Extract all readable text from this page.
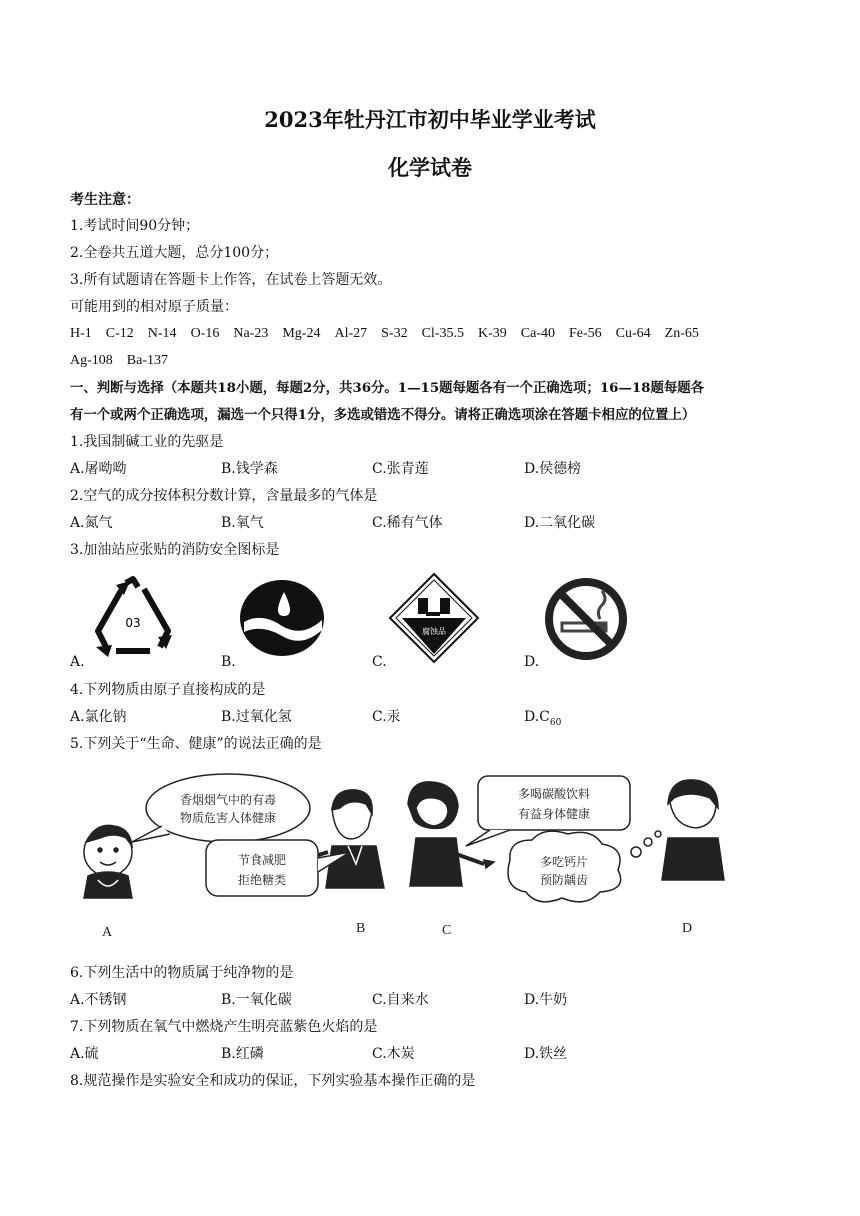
2023年牡丹江市初中毕业学业考试
化学试卷
考生注意：
1.考试时间90分钟；
2.全卷共五道大题，总分100分；
3.所有试题请在答题卡上作答，在试卷上答题无效。
可能用到的相对原子质量：
H-1 C-12 N-14 O-16 Na-23 Mg-24 Al-27 S-32 Cl-35.5 K-39 Ca-40 Fe-56 Cu-64 Zn-65
Ag-108 Ba-137
一、判断与选择（本题共18小题，每题2分，共36分。1—15题每题各有一个正确选项；16—18题每题各
有一个或两个正确选项，漏选一个只得1分，多选或错选不得分。请将正确选项涂在答题卡相应的位置上）
1.我国制碱工业的先驱是
A.屠呦呦	B.钱学森	C.张青莲	D.侯德榜
2.空气的成分按体积分数计算，含量最多的气体是
A.氮气	B.氧气	C.稀有气体	D.二氧化碳
3.加油站应张贴的消防安全图标是
03
A.	B.
腐蚀品
C.	D.
4.下列物质由原子直接构成的是
A.氯化钠	B.过氧化氢	C.汞	$D.C_{60}$
5.下列关于“生命、健康”的说法正确的是
香烟烟气中的有毒
物质危害人体健康
节食减肥
拒绝糖类
多喝碳酸饮料
有益身体健康
多吃钙片
预防龋齿
A	B	C	D
6.下列生活中的物质属于纯净物的是
A.不锈钢	B.一氧化碳	C.自来水	D.牛奶
7.下列物质在氧气中燃烧产生明亮蓝紫色火焰的是
A.硫	B.红磷	C.木炭	D.铁丝
8.规范操作是实验安全和成功的保证，下列实验基本操作正确的是
